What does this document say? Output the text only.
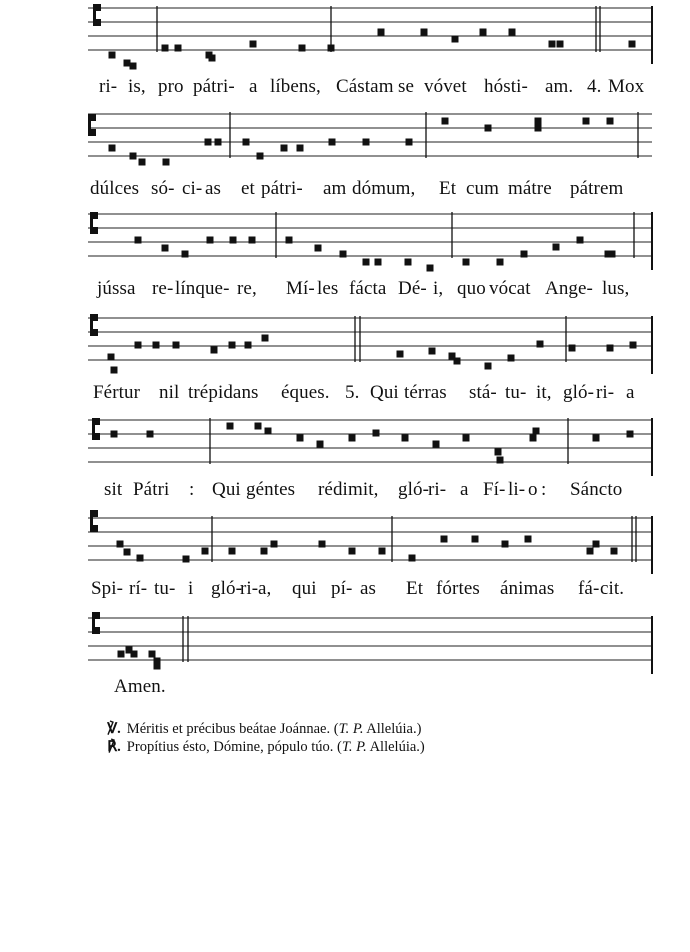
ri-

is,

pro

pátri-

a

líbens,

Cástam

se

vóvet

hósti-

am.

4.

Mox

dúlces

só-

ci-

as

et

pátri-

am

dómum,

Et

cum

mátre

pátrem

jússa

re-

línque-

re,

Mí-

les

fácta

Dé-

i,

quo

vócat

Ange-

lus,

Fértur

nil

trépidans

éques.

5.

Qui

térras

stá-

tu-

it,

gló-

ri-

a

sit

Pátri

:

Qui

géntes

rédimit,

gló-

ri-

a

Fí-

li-

o

:

Sáncto

Spi-

rí-

tu-

i

gló-

ri-

a,

qui

pí-

as

Et

fórtes

ánimas

fá-

cit.

Amen.

℣. Méritis et précibus beátae Joánnae. (T. P. Allelúia.)

℟. Propítius ésto, Dómine, pópulo túo. (T. P. Allelúia.)
